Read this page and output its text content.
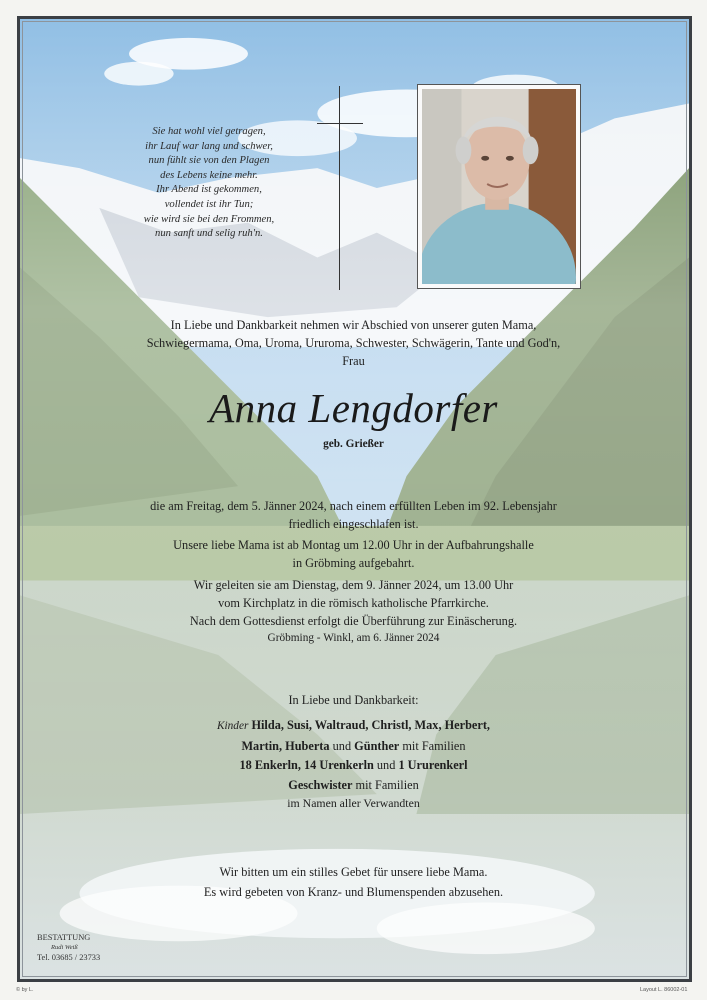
Sie hat wohl viel getragen,
ihr Lauf war lang und schwer,
nun fühlt sie von den Plagen
des Lebens keine mehr.
Ihr Abend ist gekommen,
vollendet ist ihr Tun;
wie wird sie bei den Frommen,
nun sanft und selig ruh'n.
In Liebe und Dankbarkeit nehmen wir Abschied von unserer guten Mama,
Schwiegermama, Oma, Uroma, Ururoma, Schwester, Schwägerin, Tante und God'n,
Frau
Anna Lengdorfer
geb. Grießer
die am Freitag, dem 5. Jänner 2024, nach einem erfüllten Leben im 92. Lebensjahr
friedlich eingeschlafen ist.
Unsere liebe Mama ist ab Montag um 12.00 Uhr in der Aufbahrungshalle
in Gröbming aufgebahrt.
Wir geleiten sie am Dienstag, dem 9. Jänner 2024, um 13.00 Uhr
vom Kirchplatz in die römisch katholische Pfarrkirche.
Nach dem Gottesdienst erfolgt die Überführung zur Einäscherung.
Gröbming - Winkl, am 6. Jänner 2024
In Liebe und Dankbarkeit:
Kinder Hilda, Susi, Waltraud, Christl, Max, Herbert,
Martin, Huberta und Günther mit Familien
18 Enkerln, 14 Urenkerln und 1 Ururenkerl
Geschwister mit Familien
im Namen aller Verwandten
Wir bitten um ein stilles Gebet für unsere liebe Mama.
Es wird gebeten von Kranz- und Blumenspenden abzusehen.
BESTATTUNG
Rudi Weiß
Tel. 03685 / 23733
© by L.	Layout L. 86002-01
